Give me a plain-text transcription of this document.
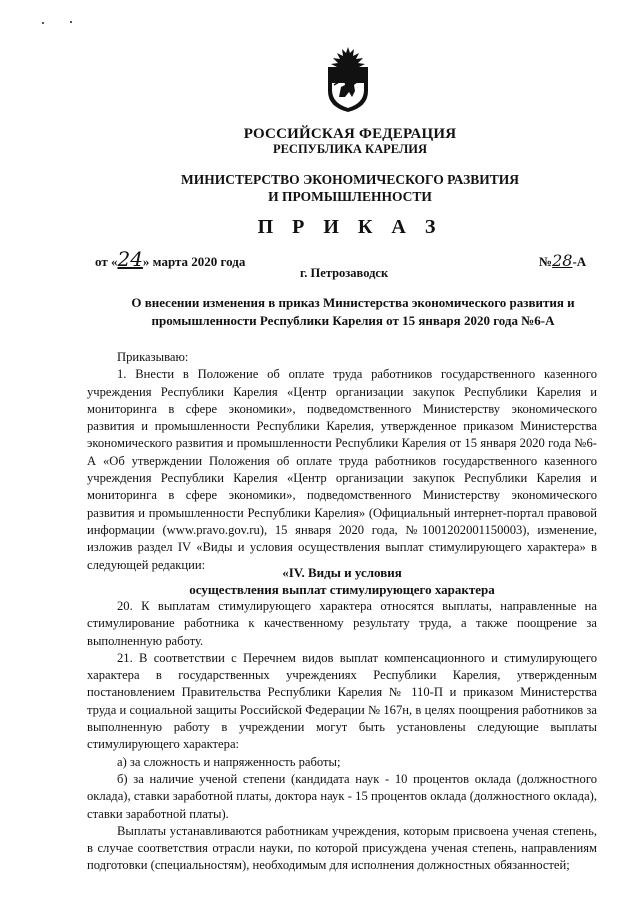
РОССИЙСКАЯ ФЕДЕРАЦИЯ
РЕСПУБЛИКА КАРЕЛИЯ
МИНИСТЕРСТВО ЭКОНОМИЧЕСКОГО РАЗВИТИЯ
И ПРОМЫШЛЕННОСТИ
П Р И К А З
от «24» марта 2020 года	№28-А
г. Петрозаводск
О внесении изменения в приказ Министерства экономического развития и
промышленности Республики Карелия от 15 января 2020 года №6-А

Приказываю:

1. Внести в Положение об оплате труда работников государственного казенного учреждения Республики Карелия «Центр организации закупок Республики Карелия и мониторинга в сфере экономики», подведомственного Министерству экономического развития и промышленности Республики Карелия, утвержденное приказом Министерства экономического развития и промышленности Республики Карелия от 15 января 2020 года №6-А «Об утверждении Положения об оплате труда работников государственного казенного учреждения Республики Карелия «Центр организации закупок Республики Карелия и мониторинга в сфере экономики», подведомственного Министерству экономического развития и промышленности Республики Карелия» (Официальный интернет-портал правовой информации (www.pravo.gov.ru), 15 января 2020 года, №1001202001150003), изменение, изложив раздел IV «Виды и условия осуществления выплат стимулирующего характера» в следующей редакции:

«IV. Виды и условия
осуществления выплат стимулирующего характера

20. К выплатам стимулирующего характера относятся выплаты, направленные на стимулирование работника к качественному результату труда, а также поощрение за выполненную работу.

21. В соответствии с Перечнем видов выплат компенсационного и стимулирующего характера в государственных учреждениях Республики Карелия, утвержденным постановлением Правительства Республики Карелия № 110-П и приказом Министерства труда и социальной защиты Российской Федерации № 167н, в целях поощрения работников за выполненную работу в учреждении могут быть установлены следующие выплаты стимулирующего характера:

а) за сложность и напряженность работы;

б) за наличие ученой степени (кандидата наук - 10 процентов оклада (должностного оклада), ставки заработной платы, доктора наук - 15 процентов оклада (должностного оклада), ставки заработной платы).

Выплаты устанавливаются работникам учреждения, которым присвоена ученая степень, в случае соответствия отрасли науки, по которой присуждена ученая степень, направлениям подготовки (специальностям), необходимым для исполнения должностных обязанностей;
